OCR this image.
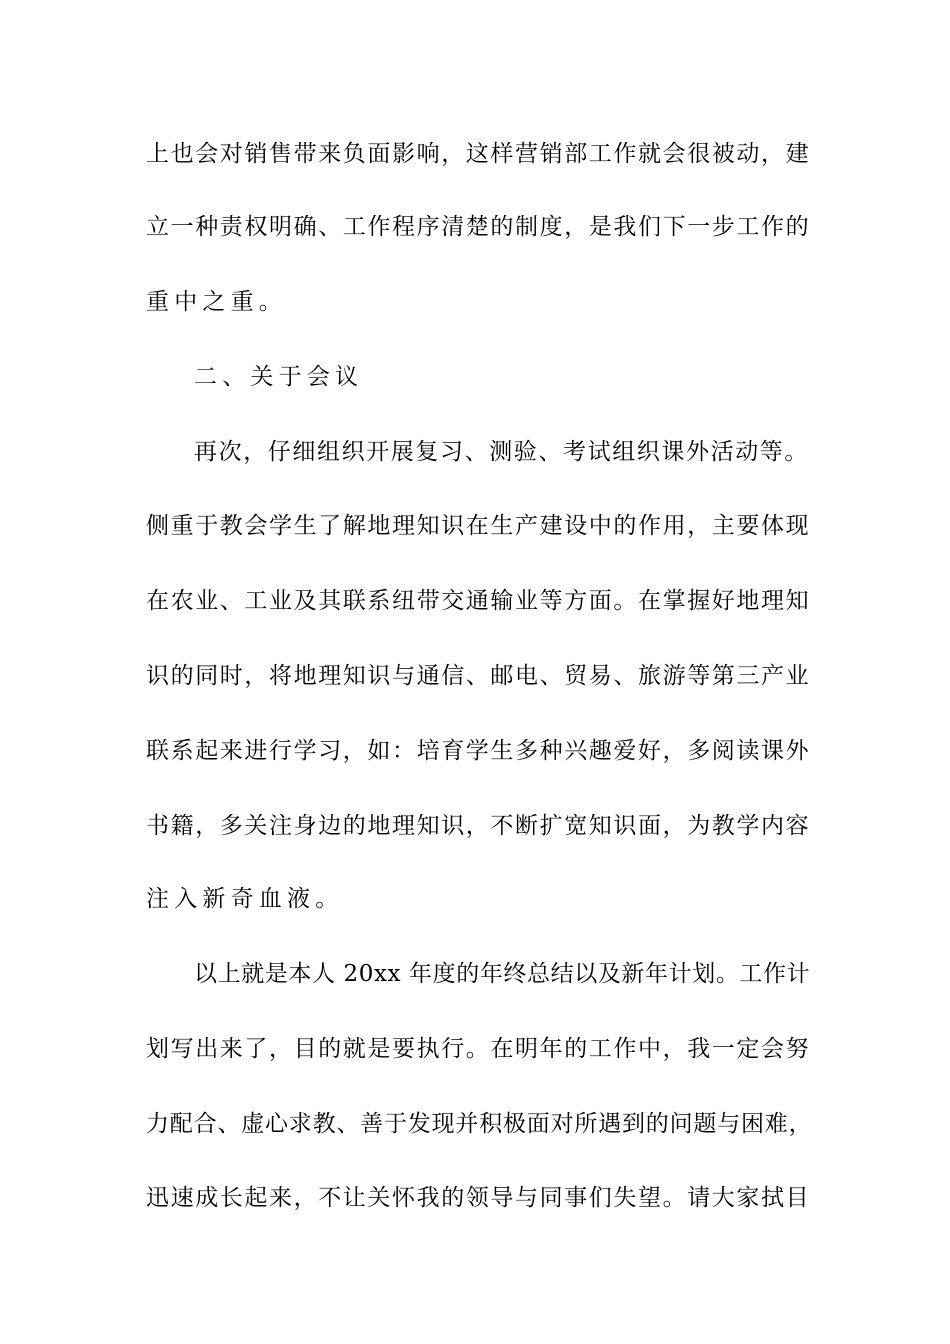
上也会对销售带来负面影响，这样营销部工作就会很被动，建
立一种责权明确、工作程序清楚的制度，是我们下一步工作的
重中之重。
二、关于会议
再次，仔细组织开展复习、测验、考试组织课外活动等。
侧重于教会学生了解地理知识在生产建设中的作用，主要体现
在农业、工业及其联系纽带交通输业等方面。在掌握好地理知
识的同时，将地理知识与通信、邮电、贸易、旅游等第三产业
联系起来进行学习，如：培育学生多种兴趣爱好，多阅读课外
书籍，多关注身边的地理知识，不断扩宽知识面，为教学内容
注入新奇血液。
以上就是本人 20xx 年度的年终总结以及新年计划。工作计
划写出来了，目的就是要执行。在明年的工作中，我一定会努
力配合、虚心求教、善于发现并积极面对所遇到的问题与困难，
迅速成长起来，不让关怀我的领导与同事们失望。请大家拭目
